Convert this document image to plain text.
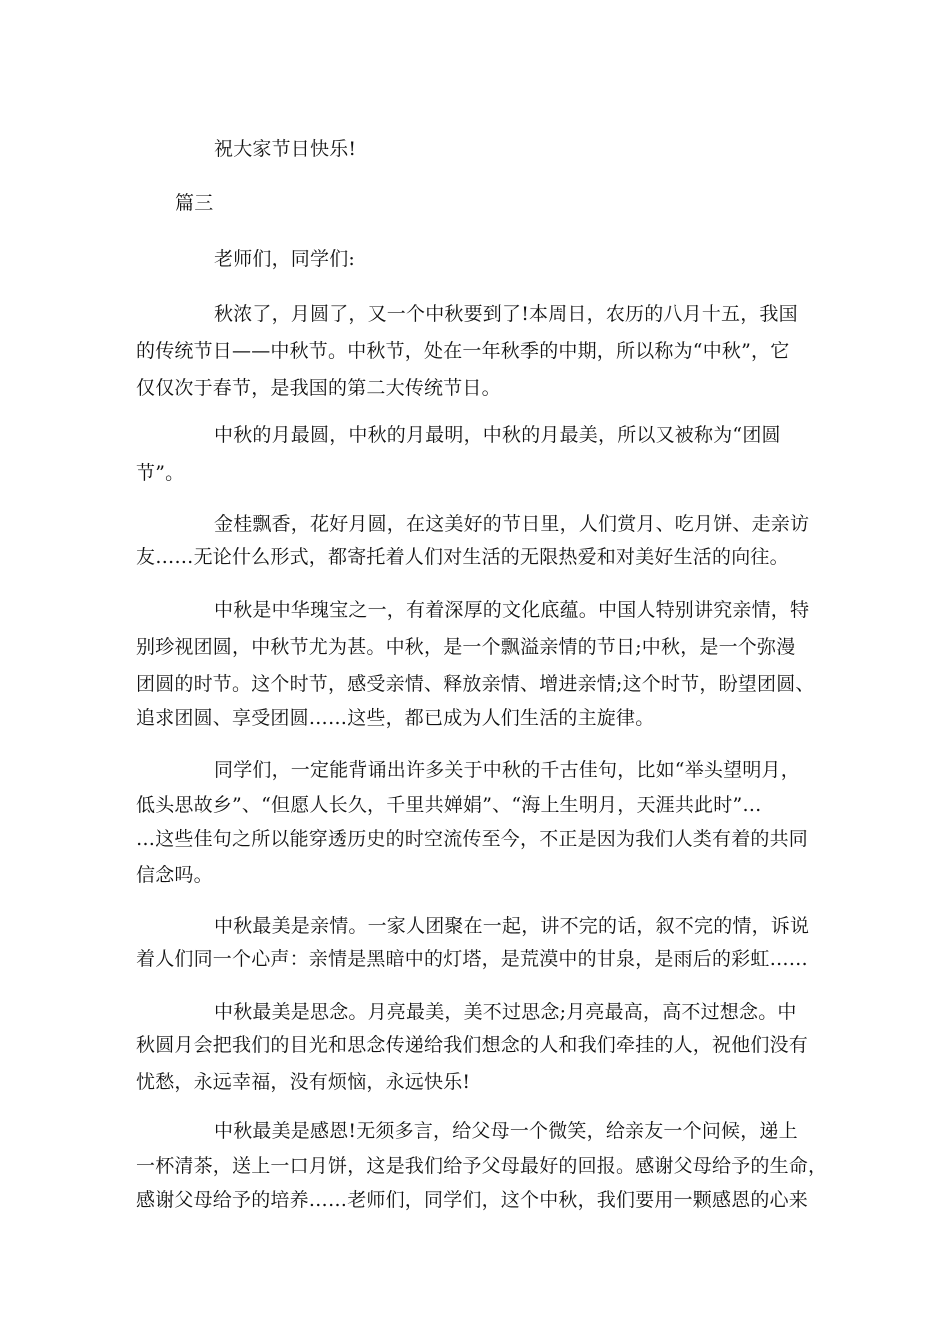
祝大家节日快乐!
篇三
老师们，同学们:
秋浓了，月圆了，又一个中秋要到了!本周日，农历的八月十五，我国
的传统节日——中秋节。中秋节，处在一年秋季的中期，所以称为“中秋”，它
仅仅次于春节，是我国的第二大传统节日。
中秋的月最圆，中秋的月最明，中秋的月最美，所以又被称为“团圆
节”。
金桂飘香，花好月圆，在这美好的节日里，人们赏月、吃月饼、走亲访
友……无论什么形式，都寄托着人们对生活的无限热爱和对美好生活的向往。
中秋是中华瑰宝之一，有着深厚的文化底蕴。中国人特别讲究亲情，特
别珍视团圆，中秋节尤为甚。中秋，是一个飘溢亲情的节日;中秋，是一个弥漫
团圆的时节。这个时节，感受亲情、释放亲情、增进亲情;这个时节，盼望团圆、
追求团圆、享受团圆……这些，都已成为人们生活的主旋律。
同学们，一定能背诵出许多关于中秋的千古佳句，比如“举头望明月，
低头思故乡”、“但愿人长久，千里共婵娟”、“海上生明月，天涯共此时”…
…这些佳句之所以能穿透历史的时空流传至今，不正是因为我们人类有着的共同
信念吗。
中秋最美是亲情。一家人团聚在一起，讲不完的话，叙不完的情，诉说
着人们同一个心声：亲情是黑暗中的灯塔，是荒漠中的甘泉，是雨后的彩虹……
中秋最美是思念。月亮最美，美不过思念;月亮最高，高不过想念。中
秋圆月会把我们的目光和思念传递给我们想念的人和我们牵挂的人，祝他们没有
忧愁，永远幸福，没有烦恼，永远快乐!
中秋最美是感恩!无须多言，给父母一个微笑，给亲友一个问候，递上
一杯清茶，送上一口月饼，这是我们给予父母最好的回报。感谢父母给予的生命，
感谢父母给予的培养……老师们，同学们，这个中秋，我们要用一颗感恩的心来
